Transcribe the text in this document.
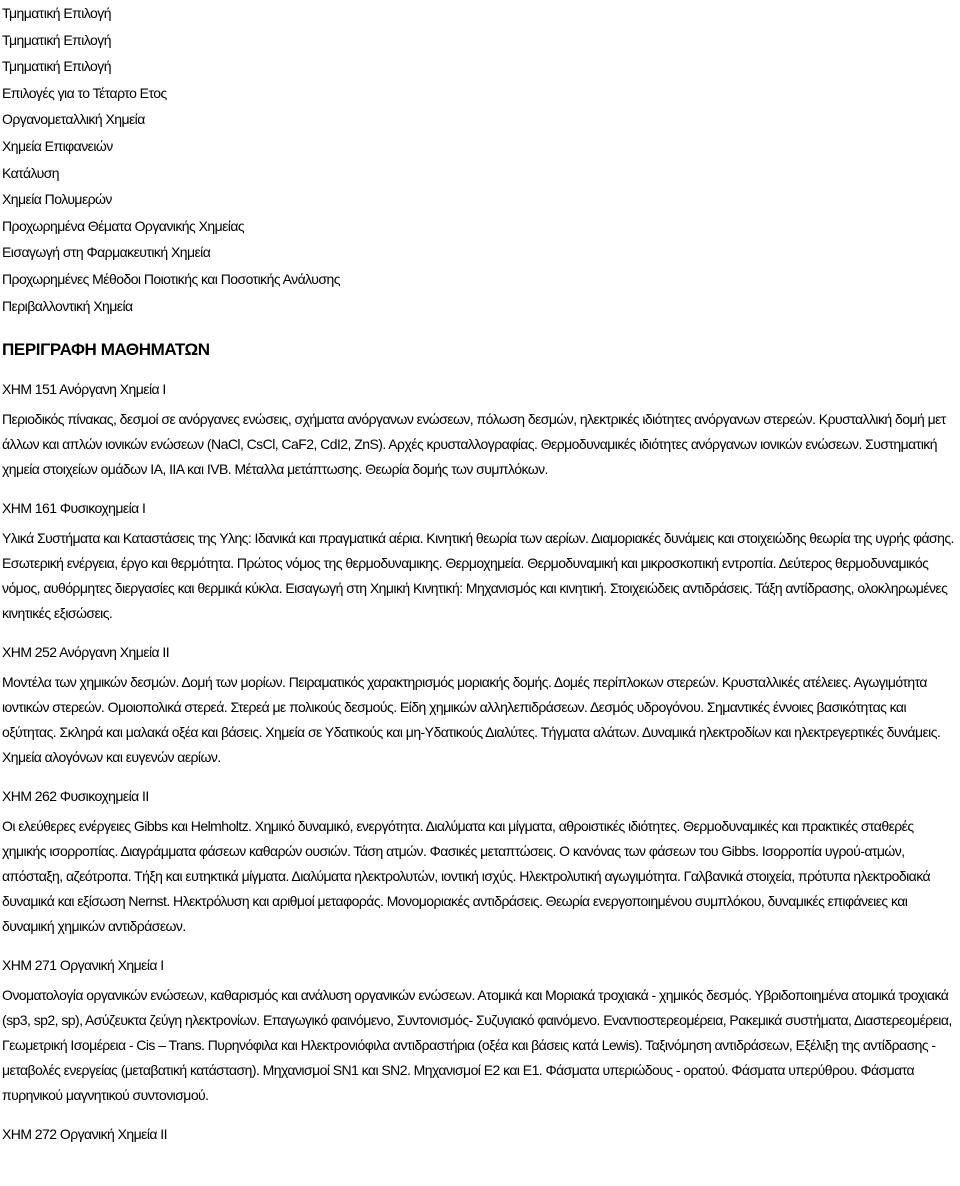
Τμηματική Επιλογή
Τμηματική Επιλογή
Τμηματική Επιλογή
Επιλογές για το Τέταρτο Ετος
Οργανομεταλλική Χημεία
Χημεία Επιφανειών
Κατάλυση
Χημεία Πολυμερών
Προχωρημένα Θέματα Οργανικής Χημείας
Εισαγωγή στη Φαρμακευτική Χημεία
Προχωρημένες Μέθοδοι Ποιοτικής και Ποσοτικής Ανάλυσης
Περιβαλλοντική Χημεία
ΠΕΡΙΓΡΑΦΗ ΜΑΘΗΜΑΤΩΝ

ΧΗΜ 151 Ανόργανη Χημεία Ι

Περιοδικός πίνακας, δεσμοί σε ανόργανες ενώσεις, σχήματα ανόργανων ενώσεων, πόλωση δεσμών, ηλεκτρικές ιδιότητες ανόργανων στερεών. Κρυσταλλική δομή μετ άλλων και απλών ιονικών ενώσεων (NaCl, CsCl, CaF2, CdI2, ZnS). Αρχές κρυσταλλογραφίας. Θερμοδυναμικές ιδιότητες ανόργανων ιονικών ενώσεων. Συστηματική χημεία στοιχείων ομάδων ΙΑ, ΙΙΑ και ΙVΒ. Μέταλλα μετάπτωσης. Θεωρία δομής των συμπλόκων.

ΧΗΜ 161 Φυσικοχημεία Ι

Υλικά Συστήματα και Καταστάσεις της Υλης: Ιδανικά και πραγματικά αέρια. Κινητική θεωρία των αερίων. Διαμοριακές δυνάμεις και στοιχειώδης θεωρία της υγρής φάσης. Εσωτερική ενέργεια, έργο και θερμότητα. Πρώτος νόμος της θερμοδυναμικης. Θερμοχημεία. Θερμοδυναμική και μικροσκοπική εντροπία. Δεύτερος θερμοδυναμικός νόμος, αυθόρμητες διεργασίες και θερμικά κύκλα. Εισαγωγή στη Χημική Κινητική: Μηχανισμός και κινητική. Στοιχειώδεις αντιδράσεις. Τάξη αντίδρασης, ολοκληρωμένες κινητικές εξισώσεις.

ΧΗΜ 252 Ανόργανη Χημεία ΙΙ

Μοντέλα των χημικών δεσμών. Δομή των μορίων. Πειραματικός χαρακτηρισμός μοριακής δομής. Δομές περίπλοκων στερεών. Κρυσταλλικές ατέλειες. Αγωγιμότητα ιοντικών στερεών. Ομοιοπολικά στερεά. Στερεά με πολικούς δεσμούς. Είδη χημικών αλληλεπιδράσεων. Δεσμός υδρογόνου. Σημαντικές έννοιες βασικότητας και οξύτητας. Σκληρά και μαλακά οξέα και βάσεις. Χημεία σε Υδατικούς και μη-Υδατικούς Διαλύτες. Τήγματα αλάτων. Δυναμικά ηλεκτροδίων και ηλεκτρεγερτικές δυνάμεις. Χημεία αλογόνων και ευγενών αερίων.

ΧΗΜ 262 Φυσικοχημεία ΙΙ

Οι ελεύθερες ενέργειες Gibbs και Helmholtz. Χημικό δυναμικό, ενεργότητα. Διαλύματα και μίγματα, αθροιστικές ιδιότητες. Θερμοδυναμικές και πρακτικές σταθερές χημικής ισορροπίας. Διαγράμματα φάσεων καθαρών ουσιών. Τάση ατμών. Φασικές μεταπτώσεις. Ο κανόνας των φάσεων του Gibbs. Ισορροπία υγρού-ατμών, απόσταξη, αζεότροπα. Τήξη και ευτηκτικά μίγματα. Διαλύματα ηλεκτρολυτών, ιοντική ισχύς. Ηλεκτρολυτική αγωγιμότητα. Γαλβανικά στοιχεία, πρότυπα ηλεκτροδιακά δυναμικά και εξίσωση Nernst. Ηλεκτρόλυση και αριθμοί μεταφοράς. Μονομοριακές αντιδράσεις. Θεωρία ενεργοποιημένου συμπλόκου, δυναμικές επιφάνειες και δυναμική χημικών αντιδράσεων.

ΧΗΜ 271 Οργανική Χημεία Ι

Ονοματολογία οργανικών ενώσεων, καθαρισμός και ανάλυση οργανικών ενώσεων. Ατομικά και Μοριακά τροχιακά - χημικός δεσμός. Υβριδοποιημένα ατομικά τροχιακά (sp3, sp2, sp), Ασύζευκτα ζεύγη ηλεκτρονίων. Επαγωγικό φαινόμενο, Συντονισμός- Συζυγιακό φαινόμενο. Εναντιοστερεομέρεια, Ρακεμικά συστήματα, Διαστερεομέρεια, Γεωμετρική Ισομέρεια - Cis – Trans. Πυρηνόφιλα και Ηλεκτρονιόφιλα αντιδραστήρια (οξέα και βάσεις κατά Lewis). Ταξινόμηση αντιδράσεων, Εξέλιξη της αντίδρασης - μεταβολές ενεργείας (μεταβατική κατάσταση). Μηχανισμοί SN1 και SN2. Μηχανισμοί Ε2 και Ε1. Φάσματα υπεριώδους - ορατού. Φάσματα υπερύθρου. Φάσματα πυρηνικού μαγνητικού συντονισμού.

ΧΗΜ 272 Οργανική Χημεία ΙΙ
